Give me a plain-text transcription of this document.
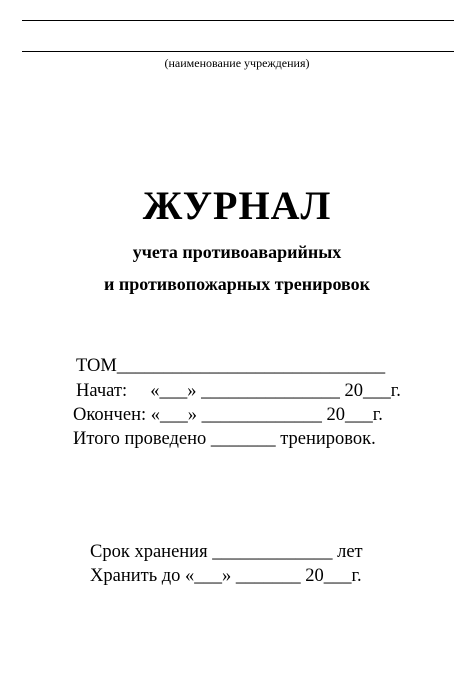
(наименование учреждения)
ЖУРНАЛ
учета противоаварийных
и противопожарных тренировок
ТОМ_____________________________
Начат:     «___» _______________ 20___г.
Окончен: «___» _____________ 20___г.
Итого проведено _______ тренировок.
Срок хранения _____________ лет
Хранить до «___» _______ 20___г.
